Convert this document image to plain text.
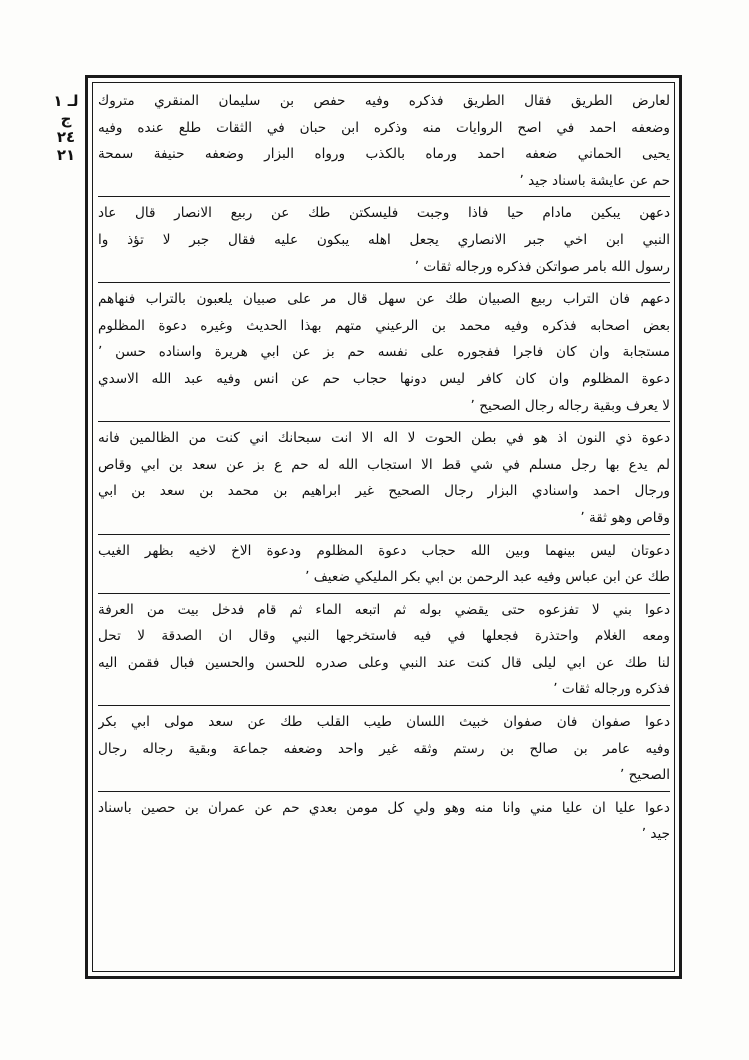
لـ ١ ج
٢٤
٢١
لعارض الطريق فقال الطريق فذكره وفيه حفص بن سليمان المنقري متروك
وضعفه احمد في اصح الروايات منه وذكره ابن حبان في الثقات طلع عنده وفيه
يحيى الحماني ضعفه احمد ورماه بالكذب ورواه البزار وضعفه حنيفة سمحة
حم عن عايشة باسناد جيد ٬
دعهن يبكين مادام حيا فاذا وجبت فليسكتن طك عن ربيع الانصار قال عاد
النبي ابن اخي جبر الانصاري يجعل اهله يبكون عليه فقال جبر لا تؤذ وا
رسول الله بامر صواتكن فذكره ورجاله ثقات ٬
دعهم فان التراب ربيع الصبيان طك عن سهل قال مر على صبيان يلعبون بالتراب فنهاهم
بعض اصحابه فذكره وفيه محمد بن الرعيني متهم بهذا الحديث وغيره دعوة المظلوم
مستجابة وان كان فاجرا ففجوره على نفسه حم بز عن ابي هريرة واسناده حسن ٬
دعوة المظلوم وان كان كافر ليس دونها حجاب حم عن انس وفيه عبد الله الاسدي
لا يعرف وبقية رجاله رجال الصحيح ٬
دعوة ذي النون اذ هو في بطن الحوت لا اله الا انت سبحانك اني كنت من الظالمين فانه
لم يدع بها رجل مسلم في شي قط الا استجاب الله له حم ع بز عن سعد بن ابي وقاص
ورجال احمد واسنادي البزار رجال الصحيح غير ابراهيم بن محمد بن سعد بن ابي
وقاص وهو ثقة ٬
دعوتان ليس بينهما وبين الله حجاب دعوة المظلوم ودعوة الاخ لاخيه بظهر الغيب
طك عن ابن عباس وفيه عبد الرحمن بن ابي بكر المليكي ضعيف ٬
دعوا بني لا تفزعوه حتى يقضي بوله ثم اتبعه الماء ثم قام فدخل بيت من العرفة
ومعه الغلام واحتذرة فجعلها في فيه فاستخرجها النبي وقال ان الصدقة لا تحل
لنا طك عن ابي ليلى قال كنت عند النبي وعلى صدره للحسن والحسين فبال فقمن اليه
فذكره ورجاله ثقات ٬
دعوا صفوان فان صفوان خبيث اللسان طيب القلب طك عن سعد مولى ابي بكر
وفيه عامر بن صالح بن رستم وثقه غير واحد وضعفه جماعة وبقية رجاله رجال
الصحيح ٬
دعوا عليا ان عليا مني وانا منه وهو ولي كل مومن بعدي حم عن عمران بن حصين باسناد
جيد ٬
